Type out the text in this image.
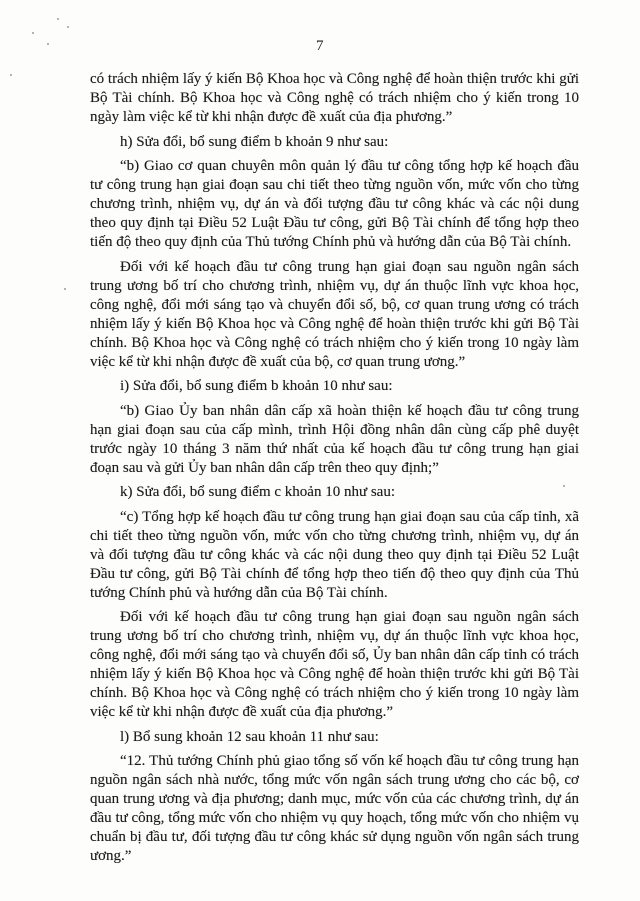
7

có trách nhiệm lấy ý kiến Bộ Khoa học và Công nghệ để hoàn thiện trước khi gửi Bộ Tài chính. Bộ Khoa học và Công nghệ có trách nhiệm cho ý kiến trong 10 ngày làm việc kể từ khi nhận được đề xuất của địa phương.”

h) Sửa đổi, bổ sung điểm b khoản 9 như sau:

“b) Giao cơ quan chuyên môn quản lý đầu tư công tổng hợp kế hoạch đầu tư công trung hạn giai đoạn sau chi tiết theo từng nguồn vốn, mức vốn cho từng chương trình, nhiệm vụ, dự án và đối tượng đầu tư công khác và các nội dung theo quy định tại Điều 52 Luật Đầu tư công, gửi Bộ Tài chính để tổng hợp theo tiến độ theo quy định của Thủ tướng Chính phủ và hướng dẫn của Bộ Tài chính.

Đối với kế hoạch đầu tư công trung hạn giai đoạn sau nguồn ngân sách trung ương bố trí cho chương trình, nhiệm vụ, dự án thuộc lĩnh vực khoa học, công nghệ, đổi mới sáng tạo và chuyển đổi số, bộ, cơ quan trung ương có trách nhiệm lấy ý kiến Bộ Khoa học và Công nghệ để hoàn thiện trước khi gửi Bộ Tài chính. Bộ Khoa học và Công nghệ có trách nhiệm cho ý kiến trong 10 ngày làm việc kể từ khi nhận được đề xuất của bộ, cơ quan trung ương.”

i) Sửa đổi, bổ sung điểm b khoản 10 như sau:

“b) Giao Ủy ban nhân dân cấp xã hoàn thiện kế hoạch đầu tư công trung hạn giai đoạn sau của cấp mình, trình Hội đồng nhân dân cùng cấp phê duyệt trước ngày 10 tháng 3 năm thứ nhất của kế hoạch đầu tư công trung hạn giai đoạn sau và gửi Ủy ban nhân dân cấp trên theo quy định;”

k) Sửa đổi, bổ sung điểm c khoản 10 như sau:

“c) Tổng hợp kế hoạch đầu tư công trung hạn giai đoạn sau của cấp tỉnh, xã chi tiết theo từng nguồn vốn, mức vốn cho từng chương trình, nhiệm vụ, dự án và đối tượng đầu tư công khác và các nội dung theo quy định tại Điều 52 Luật Đầu tư công, gửi Bộ Tài chính để tổng hợp theo tiến độ theo quy định của Thủ tướng Chính phủ và hướng dẫn của Bộ Tài chính.

Đối với kế hoạch đầu tư công trung hạn giai đoạn sau nguồn ngân sách trung ương bố trí cho chương trình, nhiệm vụ, dự án thuộc lĩnh vực khoa học, công nghệ, đổi mới sáng tạo và chuyển đổi số, Ủy ban nhân dân cấp tỉnh có trách nhiệm lấy ý kiến Bộ Khoa học và Công nghệ để hoàn thiện trước khi gửi Bộ Tài chính. Bộ Khoa học và Công nghệ có trách nhiệm cho ý kiến trong 10 ngày làm việc kể từ khi nhận được đề xuất của địa phương.”

l) Bổ sung khoản 12 sau khoản 11 như sau:

“12. Thủ tướng Chính phủ giao tổng số vốn kế hoạch đầu tư công trung hạn nguồn ngân sách nhà nước, tổng mức vốn ngân sách trung ương cho các bộ, cơ quan trung ương và địa phương; danh mục, mức vốn của các chương trình, dự án đầu tư công, tổng mức vốn cho nhiệm vụ quy hoạch, tổng mức vốn cho nhiệm vụ chuẩn bị đầu tư, đối tượng đầu tư công khác sử dụng nguồn vốn ngân sách trung ương.”
